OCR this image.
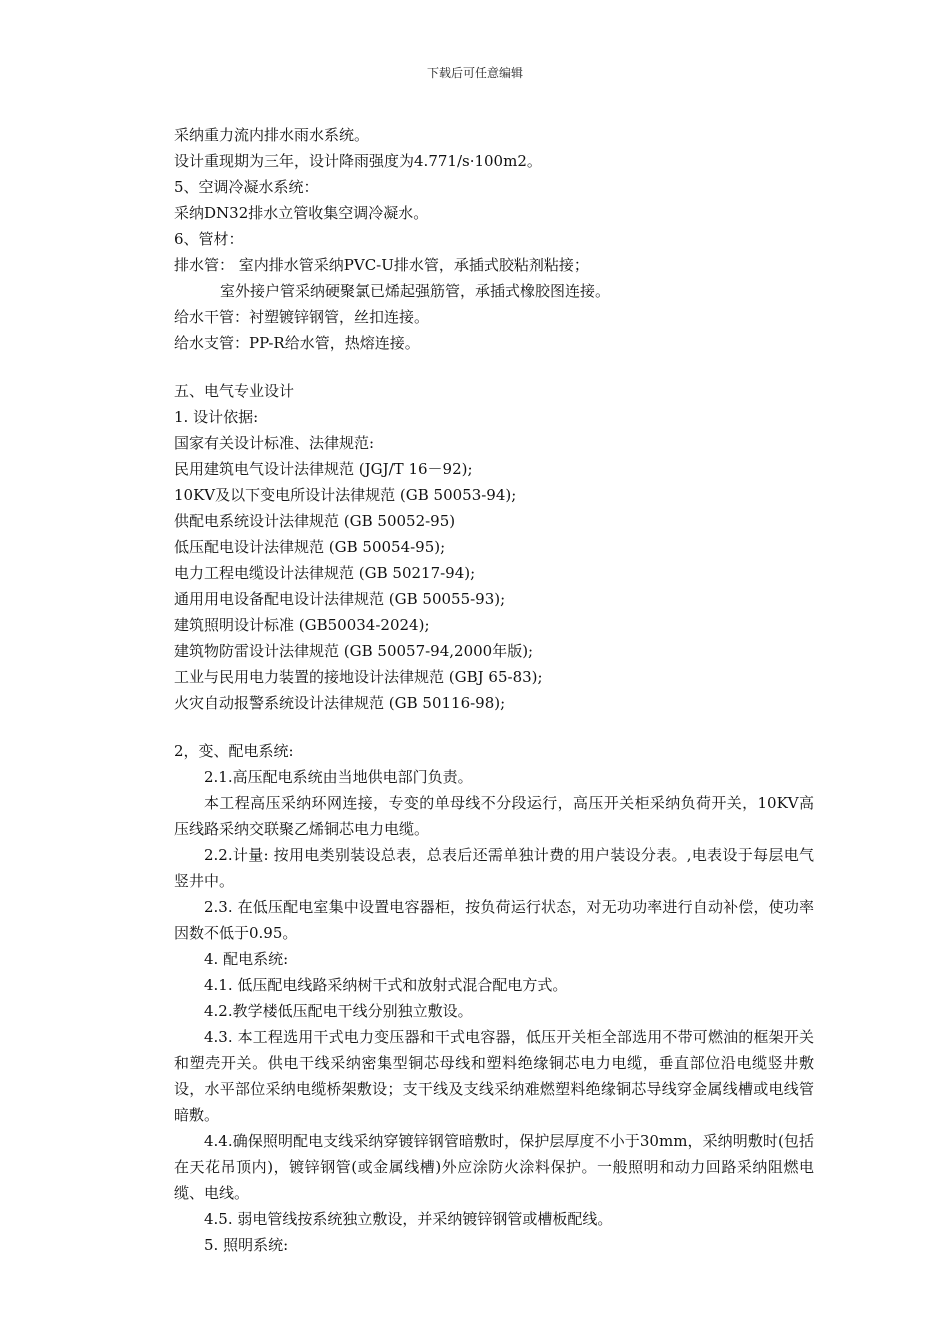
下载后可任意编辑
采纳重力流内排水雨水系统。
设计重现期为三年，设计降雨强度为4.771/s·100m2。
5、空调冷凝水系统：
采纳DN32排水立管收集空调冷凝水。
6、管材：
排水管： 室内排水管采纳PVC-U排水管，承插式胶粘剂粘接；
室外接户管采纳硬聚氯已烯起强筋管，承插式橡胶图连接。
给水干管：衬塑镀锌钢管，丝扣连接。
给水支管：PP-R给水管，热熔连接。
五、电气专业设计
1. 设计依据:
国家有关设计标准、法律规范:
民用建筑电气设计法律规范 (JGJ/T 16－92);
10KV及以下变电所设计法律规范 (GB 50053-94);
供配电系统设计法律规范 (GB 50052-95)
低压配电设计法律规范 (GB 50054-95);
电力工程电缆设计法律规范 (GB 50217-94);
通用用电设备配电设计法律规范 (GB 50055-93);
建筑照明设计标准 (GB50034-2024);
建筑物防雷设计法律规范 (GB 50057-94,2000年版);
工业与民用电力装置的接地设计法律规范 (GBJ 65-83);
火灾自动报警系统设计法律规范 (GB 50116-98);
2，变、配电系统:
2.1.高压配电系统由当地供电部门负责。
本工程高压采纳环网连接，专变的单母线不分段运行，高压开关柜采纳负荷开关，10KV高压线路采纳交联聚乙烯铜芯电力电缆。
2.2.计量: 按用电类别装设总表，总表后还需单独计费的用户装设分表。,电表设于每层电气竖井中。
2.3. 在低压配电室集中设置电容器柜，按负荷运行状态，对无功功率进行自动补偿，使功率因数不低于0.95。
4. 配电系统:
4.1. 低压配电线路采纳树干式和放射式混合配电方式。
4.2.教学楼低压配电干线分别独立敷设。
4.3. 本工程选用干式电力变压器和干式电容器，低压开关柜全部选用不带可燃油的框架开关和塑壳开关。供电干线采纳密集型铜芯母线和塑料绝缘铜芯电力电缆，垂直部位沿电缆竖井敷设，水平部位采纳电缆桥架敷设；支干线及支线采纳难燃塑料绝缘铜芯导线穿金属线槽或电线管暗敷。
4.4.确保照明配电支线采纳穿镀锌钢管暗敷时，保护层厚度不小于30mm，采纳明敷时(包括在天花吊顶内)，镀锌钢管(或金属线槽)外应涂防火涂料保护。一般照明和动力回路采纳阻燃电缆、电线。
4.5. 弱电管线按系统独立敷设，并采纳镀锌钢管或槽板配线。
5. 照明系统:
